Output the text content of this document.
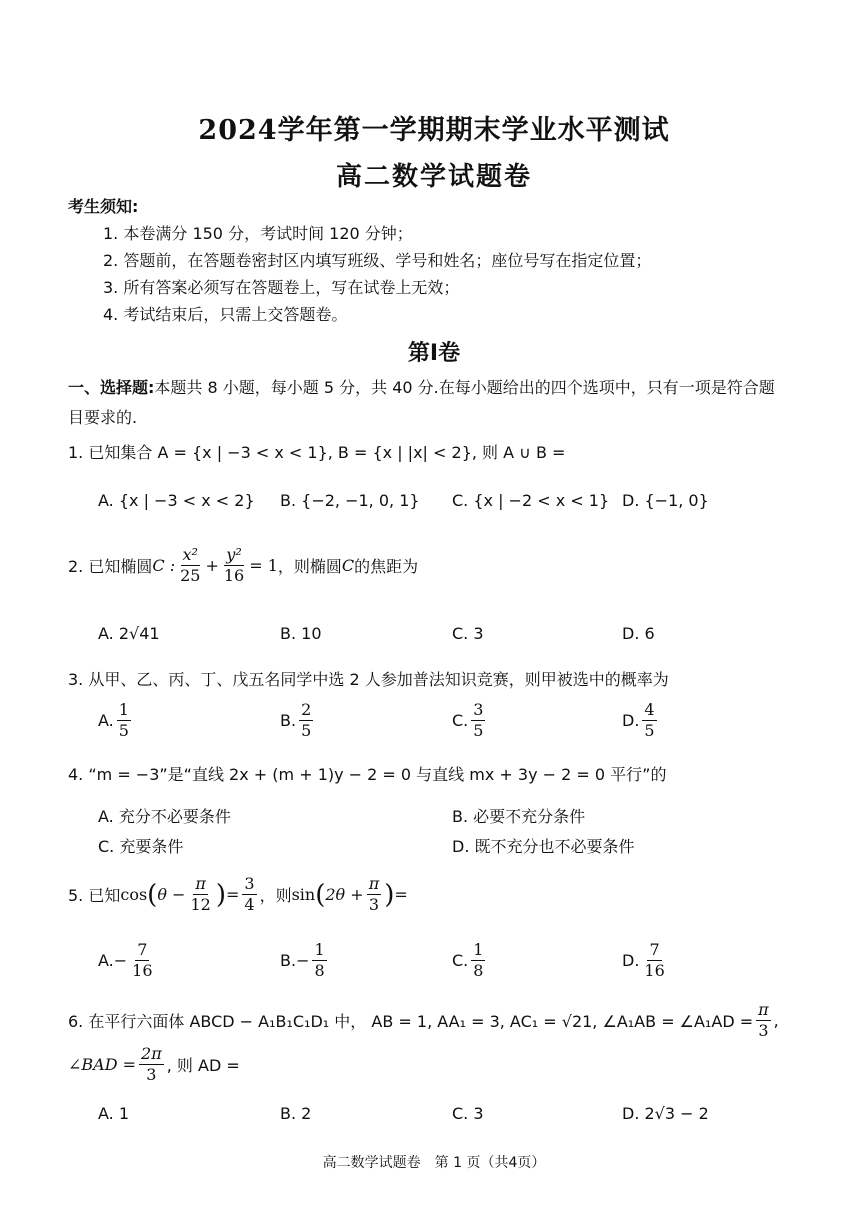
2024学年第一学期期末学业水平测试
高二数学试题卷
考生须知:
1. 本卷满分 150 分，考试时间 120 分钟；
2. 答题前，在答题卷密封区内填写班级、学号和姓名；座位号写在指定位置；
3. 所有答案必须写在答题卷上，写在试卷上无效；
4. 考试结束后，只需上交答题卷。
第Ⅰ卷
一、选择题:本题共 8 小题，每小题 5 分，共 40 分.在每小题给出的四个选项中，只有一项是符合题目要求的.
1. 已知集合 A = {x | −3 < x < 1}, B = {x | |x| < 2}, 则 A ∪ B =
A. {x | −3 < x < 2} B. {−2, −1, 0, 1} C. {x | −2 < x < 1} D. {−1, 0}
2. 已知椭圆 C : $\frac{\text{x²}}{25} + \frac{\text{y²}}{16} = 1$ ，则椭圆 C 的焦距为
A. 2√41	B. 10	C. 3	D. 6
3. 从甲、乙、丙、丁、戊五名同学中选 2 人参加普法知识竞赛，则甲被选中的概率为
A. $\frac{1}{5}$	B. $\frac{2}{5}$	C. $\frac{3}{5}$	D. $\frac{4}{5}$
4. “m = −3”是“直线 2x + (m + 1)y − 2 = 0 与直线 mx + 3y − 2 = 0 平行”的
A. 充分不必要条件	B. 必要不充分条件
C. 充要条件	D. 既不充分也不必要条件
5. 已知 cos ( $\theta - \frac{\pi}{12}$ ) = $\frac{3}{4}$ ，则 sin ( $2\theta + \frac{\pi}{3}$ ) =
A. − $\frac{7}{16}$	B. − $\frac{1}{8}$	C. $\frac{1}{8}$	D. $\frac{7}{16}$
6. 在平行六面体 ABCD − A₁B₁C₁D₁ 中， AB = 1, AA₁ = 3, AC₁ = √21, ∠A₁AB = ∠A₁AD = $\frac{\pi}{3}$ ,
∠BAD = $\frac{2\pi}{3}$ , 则 AD =
A. 1	B. 2	C. 3	D. 2√3 − 2
高二数学试题卷　第 1 页（共4页）
